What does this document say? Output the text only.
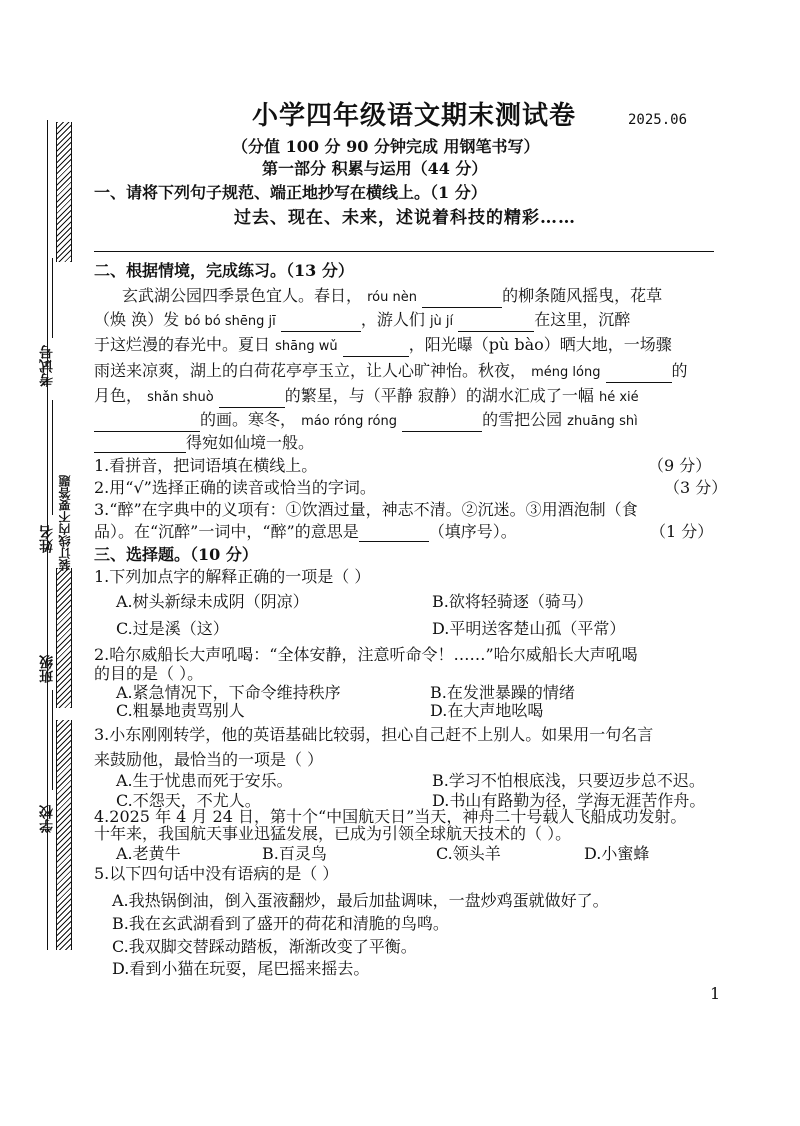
考试号
姓名 装订线内不要答题
班级
学校
小学四年级语文期末测试卷	2025.06
（分值 100 分 90 分钟完成 用钢笔书写）
第一部分 积累与运用（44 分）
一、请将下列句子规范、端正地抄写在横线上。（1 分）
过去、现在、未来，述说着科技的精彩……
二、根据情境，完成练习。（13 分）
玄武湖公园四季景色宜人。春日， róu nèn	的柳条随风摇曳，花草
（焕 涣）发 bó bó shēng jī	，游人们 jù jí	在这里，沉醉
于这烂漫的春光中。夏日 shāng wǔ	，阳光曝（pù bào）晒大地，一场骤
雨送来凉爽，湖上的白荷花亭亭玉立，让人心旷神怡。秋夜， méng lóng	的
月色， shǎn shuò	的繁星，与（平静 寂静）的湖水汇成了一幅 hé xié
的画。寒冬， máo róng róng	的雪把公园 zhuāng shì
得宛如仙境一般。
1.看拼音，把词语填在横线上。	（9 分）
2.用“√”选择正确的读音或恰当的字词。	（3 分）
3.“醉”在字典中的义项有：①饮酒过量，神志不清。②沉迷。③用酒泡制（食
品）。在“沉醉”一词中，“醉”的意思是	（填序号）。	（1 分）
三、选择题。（10 分）
1.下列加点字的解释正确的一项是（ ）
A.树头新绿未成阴（阴凉）	B.欲将轻骑逐（骑马）
C.过是溪（这）	D.平明送客楚山孤（平常）
2.哈尔威船长大声吼喝：“全体安静，注意听命令！……”哈尔威船长大声吼喝
的目的是（ ）。
A.紧急情况下，下命令维持秩序	B.在发泄暴躁的情绪
C.粗暴地责骂别人	D.在大声地吆喝
3.小东刚刚转学，他的英语基础比较弱，担心自己赶不上别人。如果用一句名言
来鼓励他，最恰当的一项是（ ）
A.生于忧患而死于安乐。	B.学习不怕根底浅，只要迈步总不迟。
C.不怨天，不尤人。	D.书山有路勤为径，学海无涯苦作舟。
4.2025 年 4 月 24 日，第十个“中国航天日”当天，神舟二十号载人飞船成功发射。
十年来，我国航天事业迅猛发展，已成为引领全球航天技术的（ ）。
A.老黄牛	B.百灵鸟	C.领头羊	D.小蜜蜂
5.以下四句话中没有语病的是（ ）
A.我热锅倒油，倒入蛋液翻炒，最后加盐调味，一盘炒鸡蛋就做好了。
B.我在玄武湖看到了盛开的荷花和清脆的鸟鸣。
C.我双脚交替踩动踏板，渐渐改变了平衡。
D.看到小猫在玩耍，尾巴摇来摇去。
1
